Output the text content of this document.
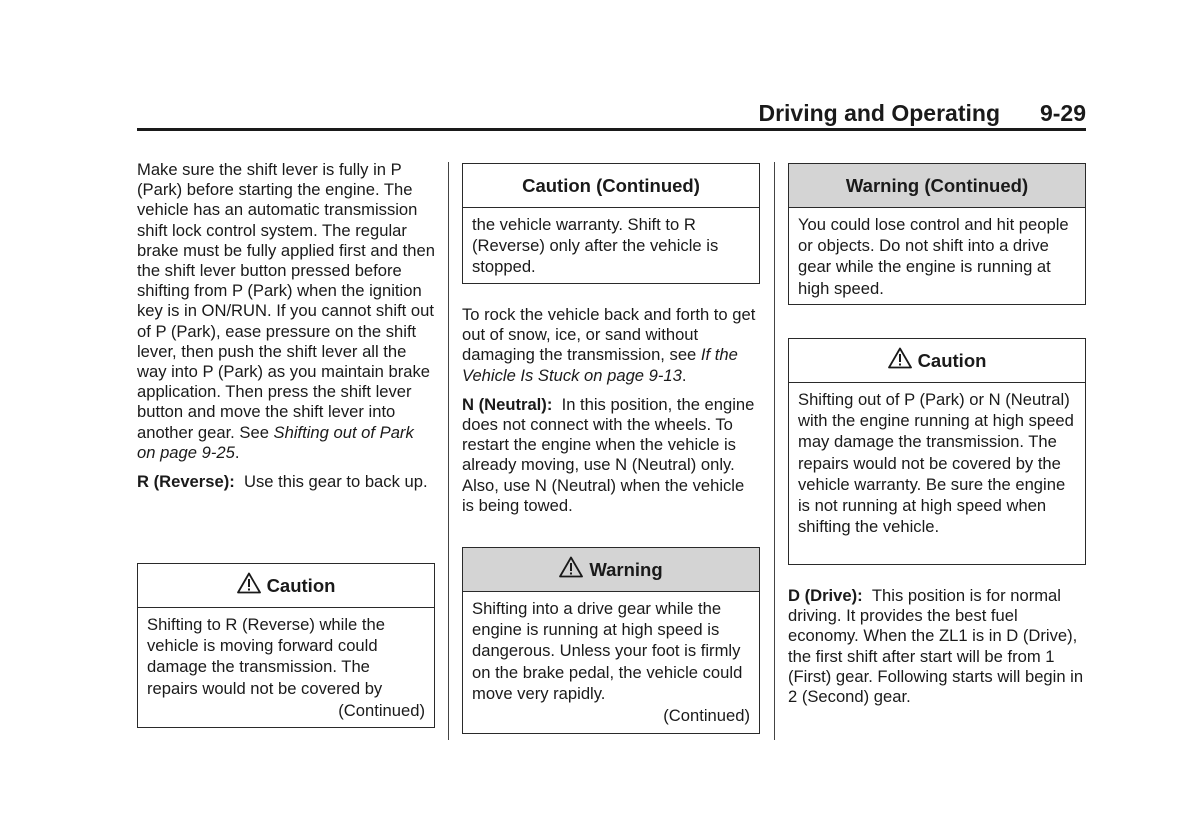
Driving and Operating 9-29

Make sure the shift lever is fully in P (Park) before starting the engine. The vehicle has an automatic transmission shift lock control system. The regular brake must be fully applied first and then the shift lever button pressed before shifting from P (Park) when the ignition key is in ON/RUN. If you cannot shift out of P (Park), ease pressure on the shift lever, then push the shift lever all the way into P (Park) as you maintain brake application. Then press the shift lever button and move the shift lever into another gear. See Shifting out of Park on page 9-25.

R (Reverse): Use this gear to back up.

Caution
Shifting to R (Reverse) while the vehicle is moving forward could damage the transmission. The repairs would not be covered by
(Continued)
Caution (Continued)
the vehicle warranty. Shift to R (Reverse) only after the vehicle is stopped.

To rock the vehicle back and forth to get out of snow, ice, or sand without damaging the transmission, see If the Vehicle Is Stuck on page 9-13.

N (Neutral): In this position, the engine does not connect with the wheels. To restart the engine when the vehicle is already moving, use N (Neutral) only. Also, use N (Neutral) when the vehicle is being towed.

Warning
Shifting into a drive gear while the engine is running at high speed is dangerous. Unless your foot is firmly on the brake pedal, the vehicle could move very rapidly.
(Continued)
Warning (Continued)
You could lose control and hit people or objects. Do not shift into a drive gear while the engine is running at high speed.
Caution
Shifting out of P (Park) or N (Neutral) with the engine running at high speed may damage the transmission. The repairs would not be covered by the vehicle warranty. Be sure the engine is not running at high speed when shifting the vehicle.

D (Drive): This position is for normal driving. It provides the best fuel economy. When the ZL1 is in D (Drive), the first shift after start will be from 1 (First) gear. Following starts will begin in 2 (Second) gear.
